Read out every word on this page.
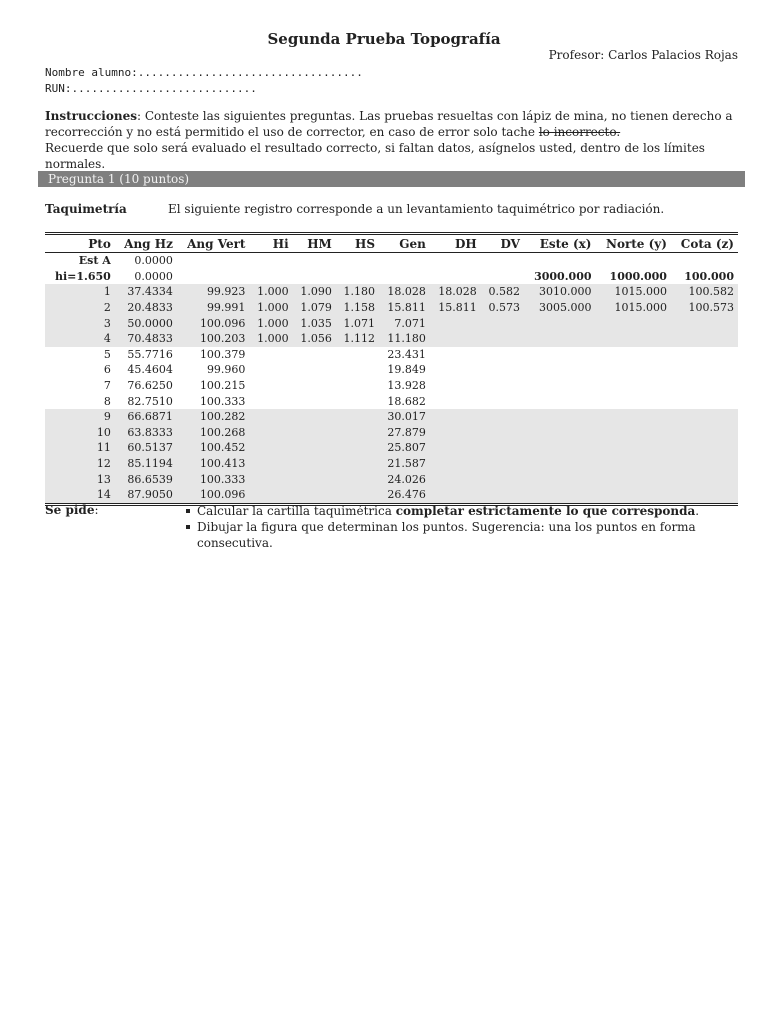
Segunda Prueba Topografía
Profesor: Carlos Palacios Rojas
Nombre alumno:..................................
RUN:............................
Instrucciones: Conteste las siguientes preguntas. Las pruebas resueltas con lápiz de mina, no tienen derecho a recorrección y no está permitido el uso de corrector, en caso de error solo tache lo incorrecto.
Recuerde que solo será evaluado el resultado correcto, si faltan datos, asígnelos usted, dentro de los límites normales.
Pregunta 1 (10 puntos)
Taquimetría	El siguiente registro corresponde a un levantamiento taquimétrico por radiación.
Pto	Ang Hz	Ang Vert	Hi	HM	HS	Gen	DH	DV	Este (x)	Norte (y)	Cota (z)
Est A	0.0000										
hi=1.650	0.0000								3000.000	1000.000	100.000
1	37.4334	99.923	1.000	1.090	1.180	18.028	18.028	0.582	3010.000	1015.000	100.582
2	20.4833	99.991	1.000	1.079	1.158	15.811	15.811	0.573	3005.000	1015.000	100.573
3	50.0000	100.096	1.000	1.035	1.071	7.071					
4	70.4833	100.203	1.000	1.056	1.112	11.180					
5	55.7716	100.379				23.431					
6	45.4604	99.960				19.849					
7	76.6250	100.215				13.928					
8	82.7510	100.333				18.682					
9	66.6871	100.282				30.017					
10	63.8333	100.268				27.879					
11	60.5137	100.452				25.807					
12	85.1194	100.413				21.587					
13	86.6539	100.333				24.026					
14	87.9050	100.096				26.476					
Se pide:	Calcular la cartilla taquimétrica completar estrictamente lo que corresponda.
Dibujar la figura que determinan los puntos. Sugerencia: una los puntos en forma consecutiva.
